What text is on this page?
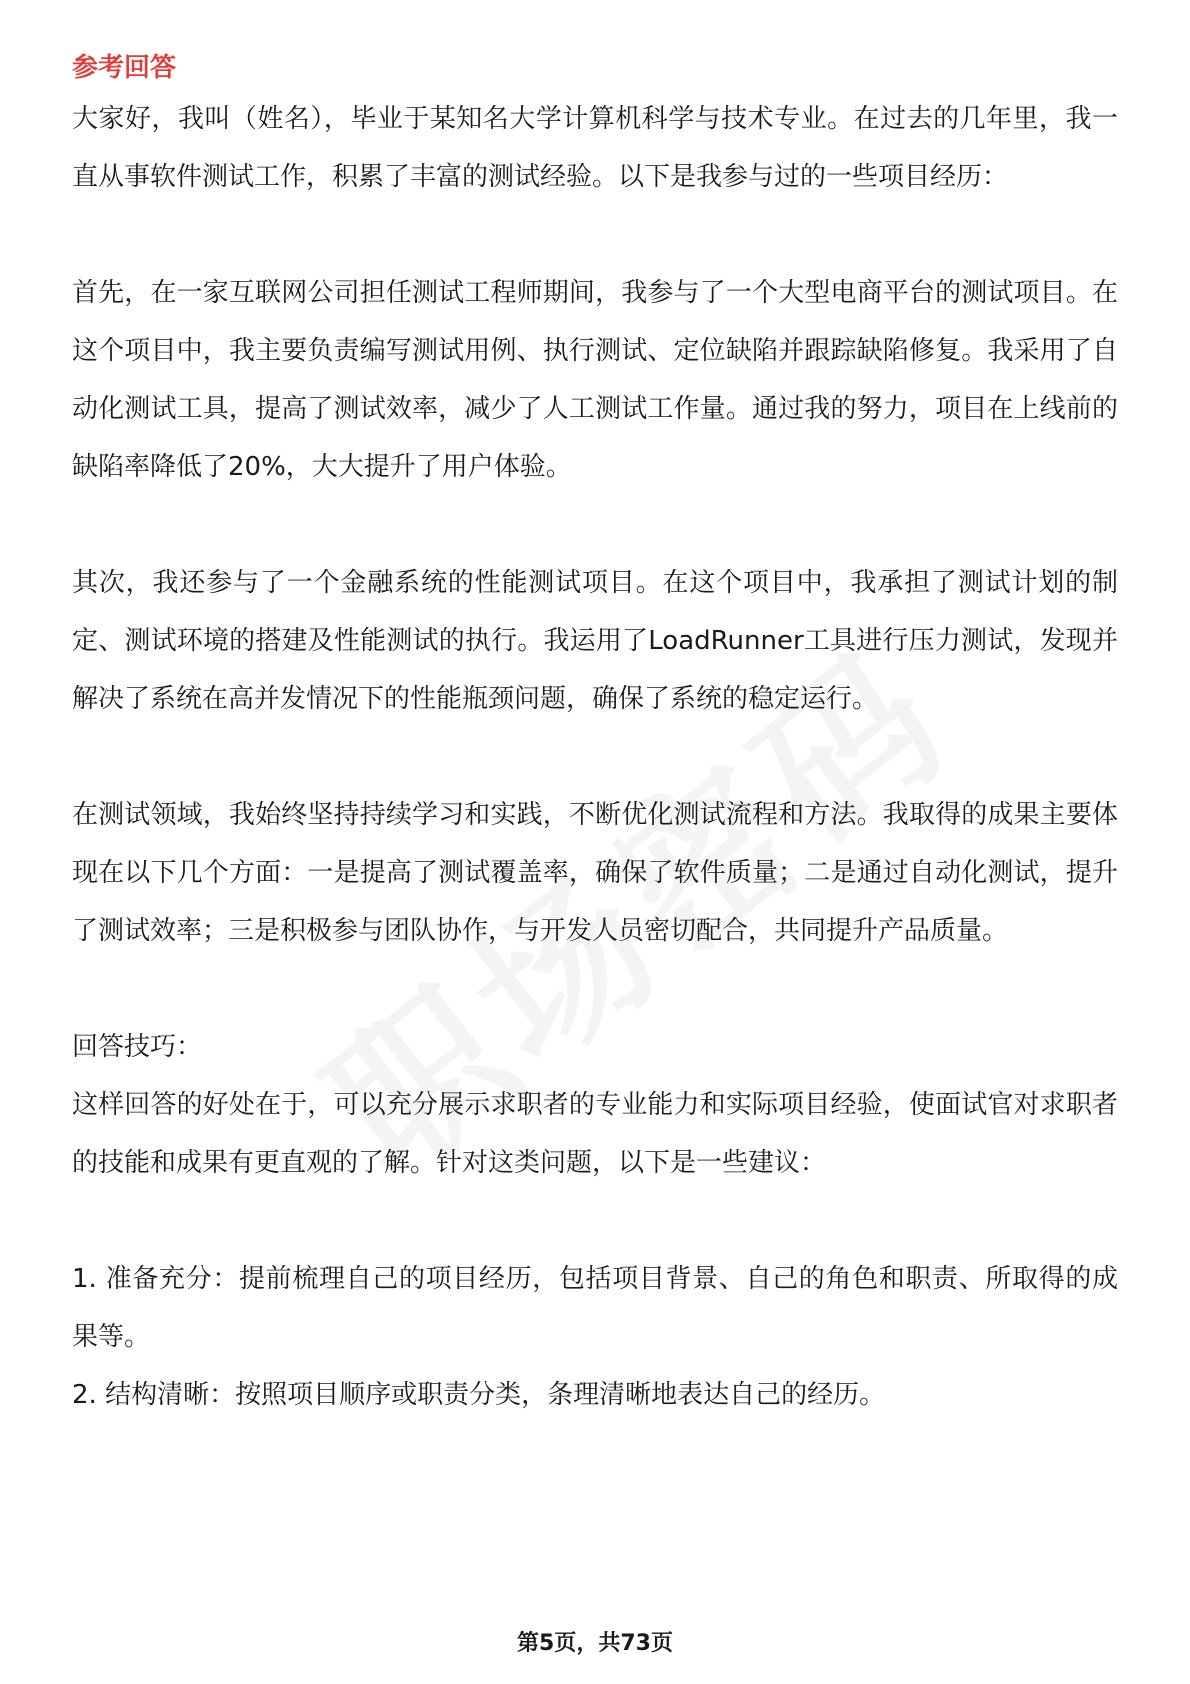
参考回答

大家好，我叫（姓名），毕业于某知名大学计算机科学与技术专业。在过去的几年里，我一直从事软件测试工作，积累了丰富的测试经验。以下是我参与过的一些项目经历：

首先，在一家互联网公司担任测试工程师期间，我参与了一个大型电商平台的测试项目。在这个项目中，我主要负责编写测试用例、执行测试、定位缺陷并跟踪缺陷修复。我采用了自动化测试工具，提高了测试效率，减少了人工测试工作量。通过我的努力，项目在上线前的缺陷率降低了20%，大大提升了用户体验。

其次，我还参与了一个金融系统的性能测试项目。在这个项目中，我承担了测试计划的制定、测试环境的搭建及性能测试的执行。我运用了LoadRunner工具进行压力测试，发现并解决了系统在高并发情况下的性能瓶颈问题，确保了系统的稳定运行。

在测试领域，我始终坚持持续学习和实践，不断优化测试流程和方法。我取得的成果主要体现在以下几个方面：一是提高了测试覆盖率，确保了软件质量；二是通过自动化测试，提升了测试效率；三是积极参与团队协作，与开发人员密切配合，共同提升产品质量。

回答技巧：

这样回答的好处在于，可以充分展示求职者的专业能力和实际项目经验，使面试官对求职者的技能和成果有更直观的了解。针对这类问题，以下是一些建议：

1. 准备充分：提前梳理自己的项目经历，包括项目背景、自己的角色和职责、所取得的成果等。

2. 结构清晰：按照项目顺序或职责分类，条理清晰地表达自己的经历。

第5页，共73页
